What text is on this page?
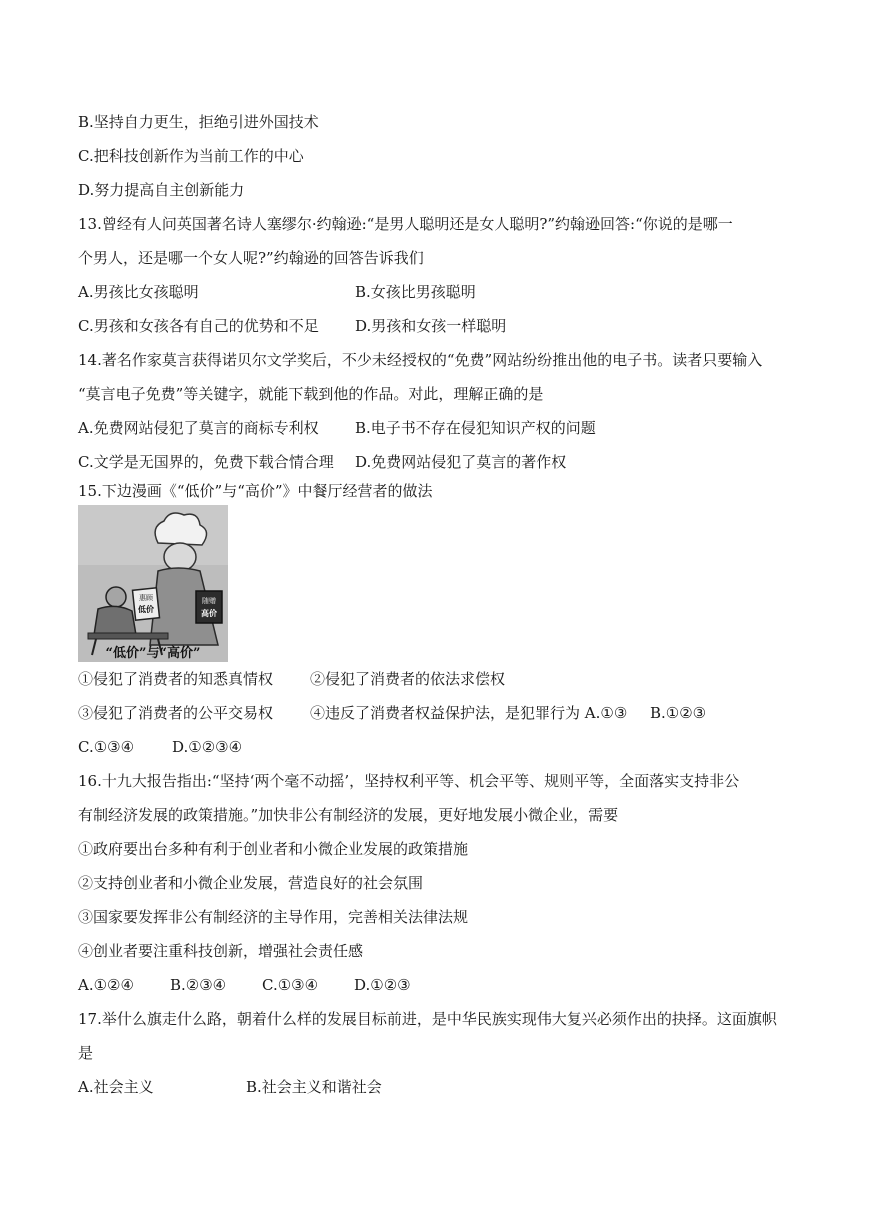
B.坚持自力更生，拒绝引进外国技术
C.把科技创新作为当前工作的中心
D.努力提高自主创新能力
13.曾经有人问英国著名诗人塞缪尔·约翰逊:“是男人聪明还是女人聪明?”约翰逊回答:“你说的是哪一
个男人，还是哪一个女人呢?”约翰逊的回答告诉我们
A.男孩比女孩聪明	B.女孩比男孩聪明
C.男孩和女孩各有自己的优势和不足 D.男孩和女孩一样聪明
14.著名作家莫言获得诺贝尔文学奖后，不少未经授权的“免费”网站纷纷推出他的电子书。读者只要输入
“莫言电子免费”等关键字，就能下载到他的作品。对此，理解正确的是
A.免费网站侵犯了莫言的商标专利权 B.电子书不存在侵犯知识产权的问题
C.文学是无国界的，免费下载合情合理 D.免费网站侵犯了莫言的著作权
15.下边漫画《“低价”与“高价”》中餐厅经营者的做法
惠顾
低价
随赠
高价
“低价”与“高价”
①侵犯了消费者的知悉真情权 ②侵犯了消费者的依法求偿权
③侵犯了消费者的公平交易权 ④违反了消费者权益保护法，是犯罪行为 A.①③ B.①②③
C.①③④	D.①②③④
16.十九大报告指出:“坚持‘两个毫不动摇’，坚持权利平等、机会平等、规则平等，全面落实支持非公
有制经济发展的政策措施。”加快非公有制经济的发展，更好地发展小微企业，需要
①政府要出台多种有利于创业者和小微企业发展的政策措施
②支持创业者和小微企业发展，营造良好的社会氛围
③国家要发挥非公有制经济的主导作用，完善相关法律法规
④创业者要注重科技创新，增强社会责任感
A.①②④ B.②③④ C.①③④ D.①②③
17.举什么旗走什么路，朝着什么样的发展目标前进，是中华民族实现伟大复兴必须作出的抉择。这面旗帜
是
A.社会主义	B.社会主义和谐社会
